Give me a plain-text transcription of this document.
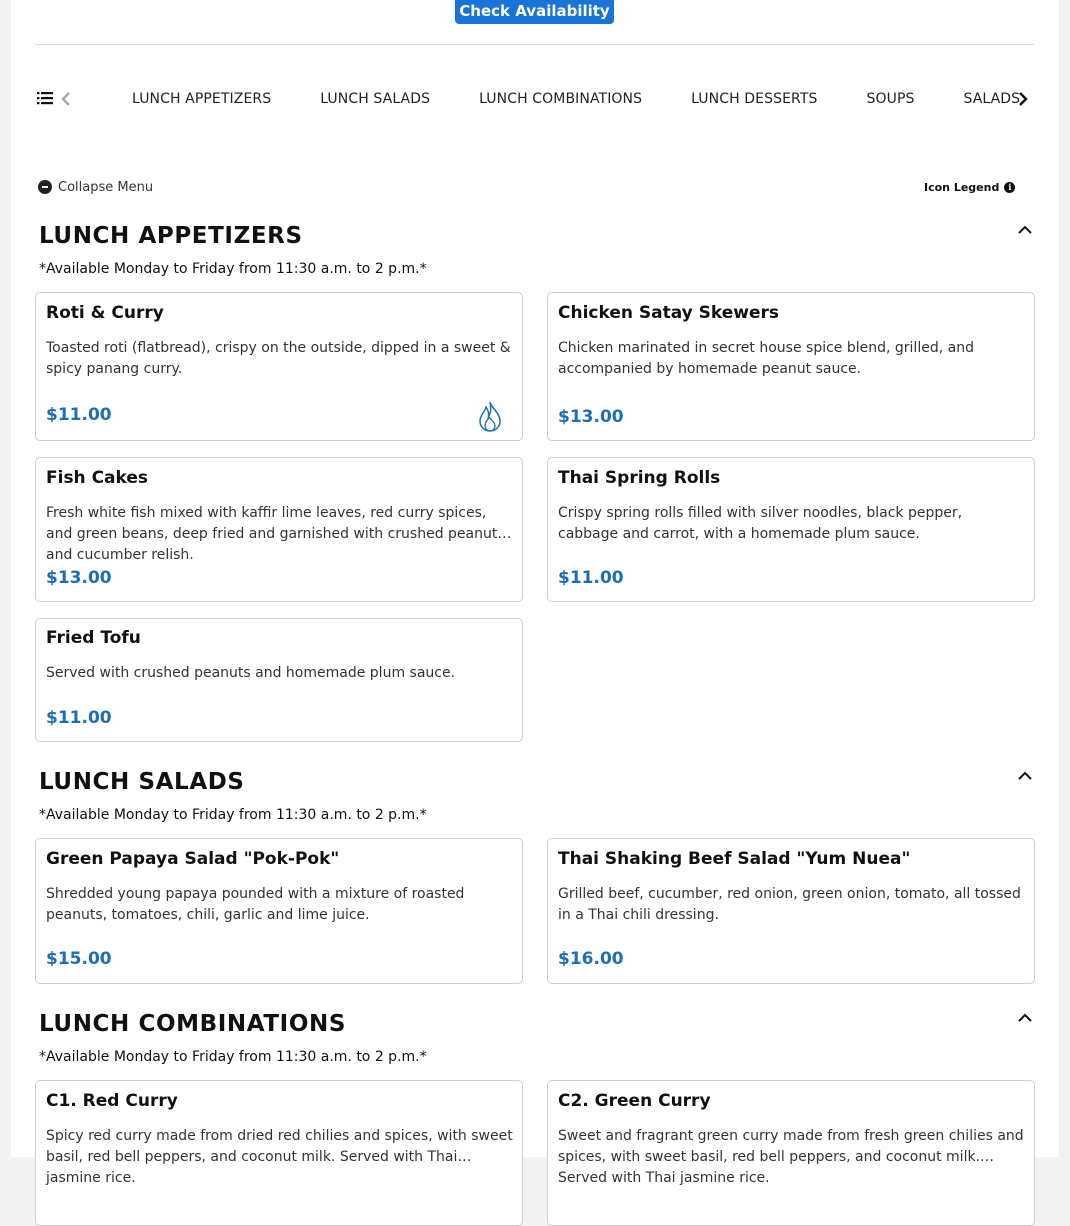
Check Availability
LUNCH APPETIZERS	LUNCH SALADS	LUNCH COMBINATIONS	LUNCH DESSERTS	SOUPS	SALADS
Collapse Menu	Icon Legend	i
LUNCH APPETIZERS
*Available Monday to Friday from 11:30 a.m. to 2 p.m.*
Roti & Curry
Toasted roti (flatbread), crispy on the outside, dipped in a sweet & spicy panang curry.
$11.00
Chicken Satay Skewers
Chicken marinated in secret house spice blend, grilled, and accompanied by homemade peanut sauce.
$13.00
Fish Cakes
Fresh white fish mixed with kaffir lime leaves, red curry spices, and green beans, deep fried and garnished with crushed peanuts and cucumber relish.
$13.00
Thai Spring Rolls
Crispy spring rolls filled with silver noodles, black pepper, cabbage and carrot, with a homemade plum sauce.
$11.00
Fried Tofu
Served with crushed peanuts and homemade plum sauce.
$11.00
LUNCH SALADS
*Available Monday to Friday from 11:30 a.m. to 2 p.m.*
Green Papaya Salad "Pok-Pok"
Shredded young papaya pounded with a mixture of roasted peanuts, tomatoes, chili, garlic and lime juice.
$15.00
Thai Shaking Beef Salad "Yum Nuea"
Grilled beef, cucumber, red onion, green onion, tomato, all tossed in a Thai chili dressing.
$16.00
LUNCH COMBINATIONS
*Available Monday to Friday from 11:30 a.m. to 2 p.m.*
C1. Red Curry
Spicy red curry made from dried red chilies and spices, with sweet basil, red bell peppers, and coconut milk. Served with Thai jasmine rice.
C2. Green Curry
Sweet and fragrant green curry made from fresh green chilies and spices, with sweet basil, red bell peppers, and coconut milk. Served with Thai jasmine rice.
